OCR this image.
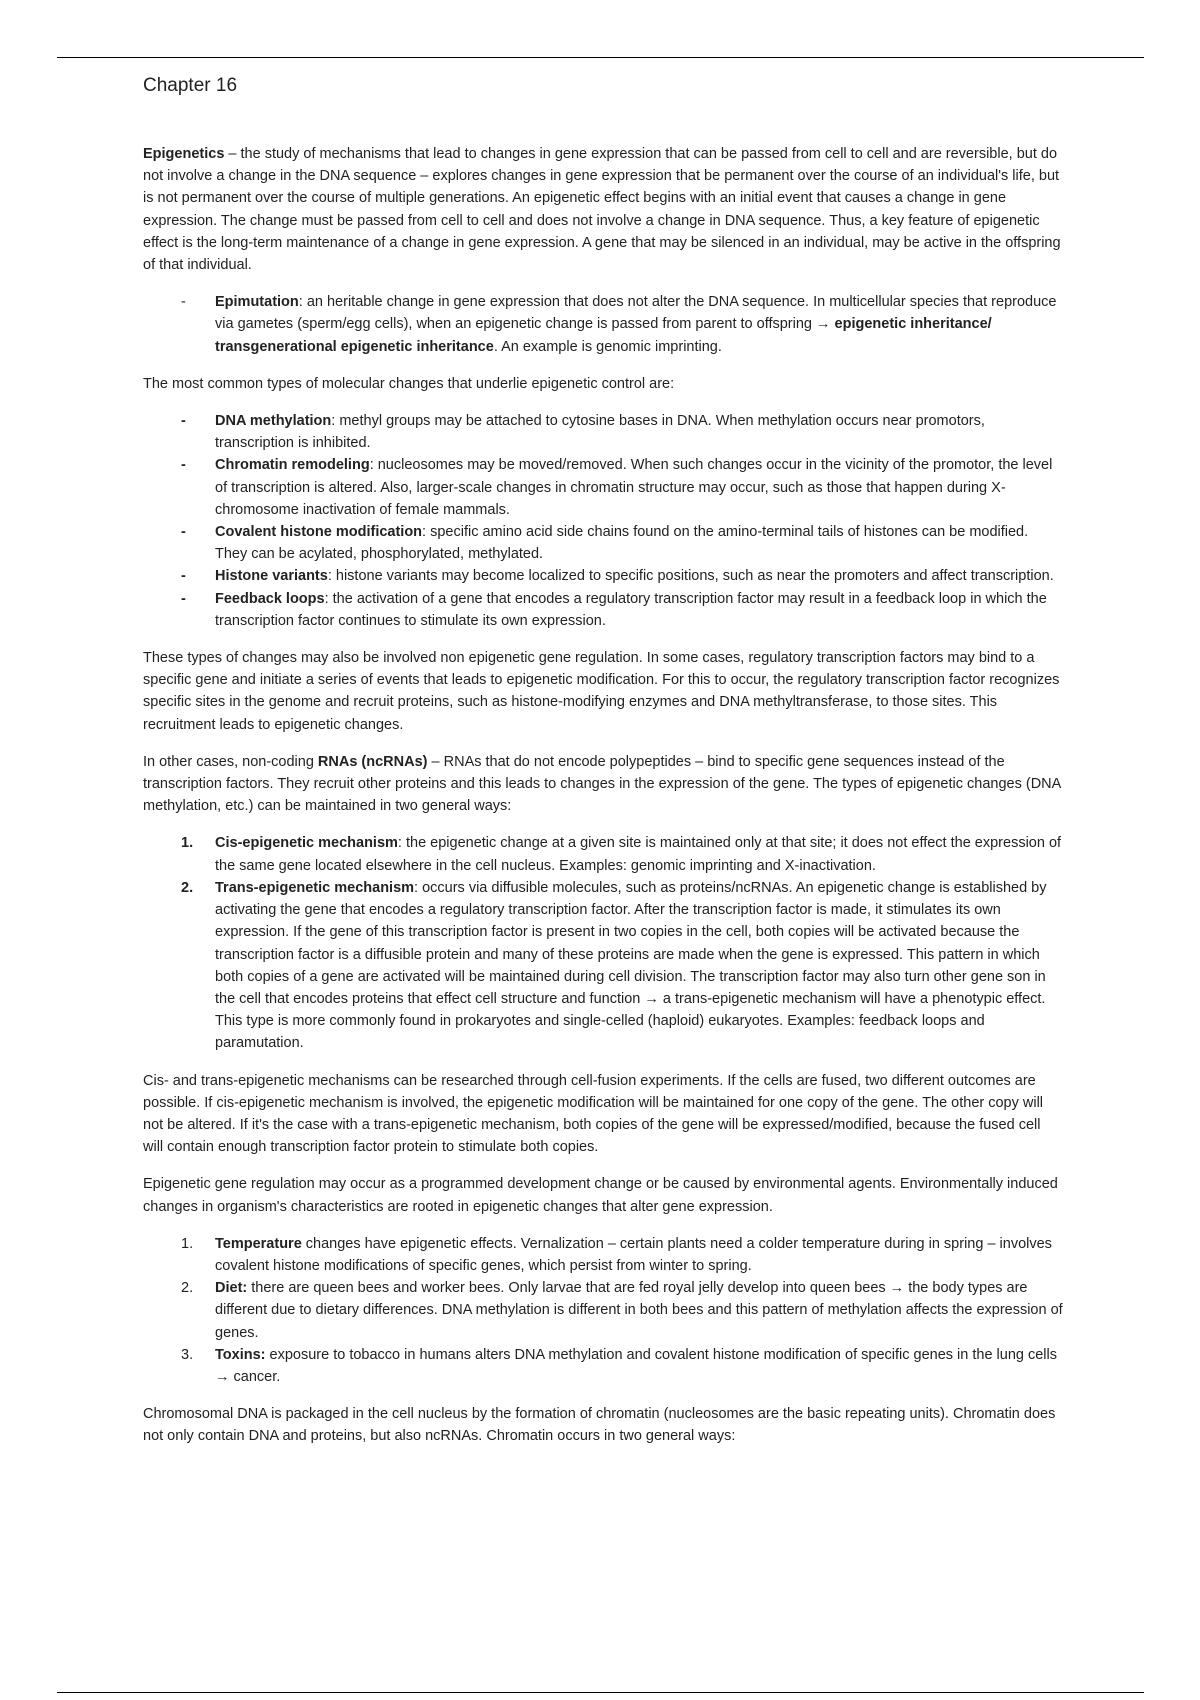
Chapter 16

Epigenetics – the study of mechanisms that lead to changes in gene expression that can be passed from cell to cell and are reversible, but do not involve a change in the DNA sequence – explores changes in gene expression that be permanent over the course of an individual's life, but is not permanent over the course of multiple generations. An epigenetic effect begins with an initial event that causes a change in gene expression. The change must be passed from cell to cell and does not involve a change in DNA sequence. Thus, a key feature of epigenetic effect is the long-term maintenance of a change in gene expression. A gene that may be silenced in an individual, may be active in the offspring of that individual.

- Epimutation: an heritable change in gene expression that does not alter the DNA sequence. In multicellular species that reproduce via gametes (sperm/egg cells), when an epigenetic change is passed from parent to offspring → epigenetic inheritance/ transgenerational epigenetic inheritance. An example is genomic imprinting.

The most common types of molecular changes that underlie epigenetic control are:

- DNA methylation: methyl groups may be attached to cytosine bases in DNA. When methylation occurs near promotors, transcription is inhibited.
- Chromatin remodeling: nucleosomes may be moved/removed. When such changes occur in the vicinity of the promotor, the level of transcription is altered. Also, larger-scale changes in chromatin structure may occur, such as those that happen during X-chromosome inactivation of female mammals.
- Covalent histone modification: specific amino acid side chains found on the amino-terminal tails of histones can be modified. They can be acylated, phosphorylated, methylated.
- Histone variants: histone variants may become localized to specific positions, such as near the promoters and affect transcription.
- Feedback loops: the activation of a gene that encodes a regulatory transcription factor may result in a feedback loop in which the transcription factor continues to stimulate its own expression.

These types of changes may also be involved non epigenetic gene regulation. In some cases, regulatory transcription factors may bind to a specific gene and initiate a series of events that leads to epigenetic modification. For this to occur, the regulatory transcription factor recognizes specific sites in the genome and recruit proteins, such as histone-modifying enzymes and DNA methyltransferase, to those sites. This recruitment leads to epigenetic changes.

In other cases, non-coding RNAs (ncRNAs) – RNAs that do not encode polypeptides – bind to specific gene sequences instead of the transcription factors. They recruit other proteins and this leads to changes in the expression of the gene. The types of epigenetic changes (DNA methylation, etc.) can be maintained in two general ways:

1. Cis-epigenetic mechanism: the epigenetic change at a given site is maintained only at that site; it does not effect the expression of the same gene located elsewhere in the cell nucleus. Examples: genomic imprinting and X-inactivation.
2. Trans-epigenetic mechanism: occurs via diffusible molecules, such as proteins/ncRNAs. An epigenetic change is established by activating the gene that encodes a regulatory transcription factor. After the transcription factor is made, it stimulates its own expression. If the gene of this transcription factor is present in two copies in the cell, both copies will be activated because the transcription factor is a diffusible protein and many of these proteins are made when the gene is expressed. This pattern in which both copies of a gene are activated will be maintained during cell division. The transcription factor may also turn other gene son in the cell that encodes proteins that effect cell structure and function → a trans-epigenetic mechanism will have a phenotypic effect. This type is more commonly found in prokaryotes and single-celled (haploid) eukaryotes. Examples: feedback loops and paramutation.

Cis- and trans-epigenetic mechanisms can be researched through cell-fusion experiments. If the cells are fused, two different outcomes are possible. If cis-epigenetic mechanism is involved, the epigenetic modification will be maintained for one copy of the gene. The other copy will not be altered. If it's the case with a trans-epigenetic mechanism, both copies of the gene will be expressed/modified, because the fused cell will contain enough transcription factor protein to stimulate both copies.

Epigenetic gene regulation may occur as a programmed development change or be caused by environmental agents. Environmentally induced changes in organism's characteristics are rooted in epigenetic changes that alter gene expression.

1. Temperature changes have epigenetic effects. Vernalization – certain plants need a colder temperature during in spring – involves covalent histone modifications of specific genes, which persist from winter to spring.
2. Diet: there are queen bees and worker bees. Only larvae that are fed royal jelly develop into queen bees → the body types are different due to dietary differences. DNA methylation is different in both bees and this pattern of methylation affects the expression of genes.
3. Toxins: exposure to tobacco in humans alters DNA methylation and covalent histone modification of specific genes in the lung cells → cancer.

Chromosomal DNA is packaged in the cell nucleus by the formation of chromatin (nucleosomes are the basic repeating units). Chromatin does not only contain DNA and proteins, but also ncRNAs. Chromatin occurs in two general ways:
